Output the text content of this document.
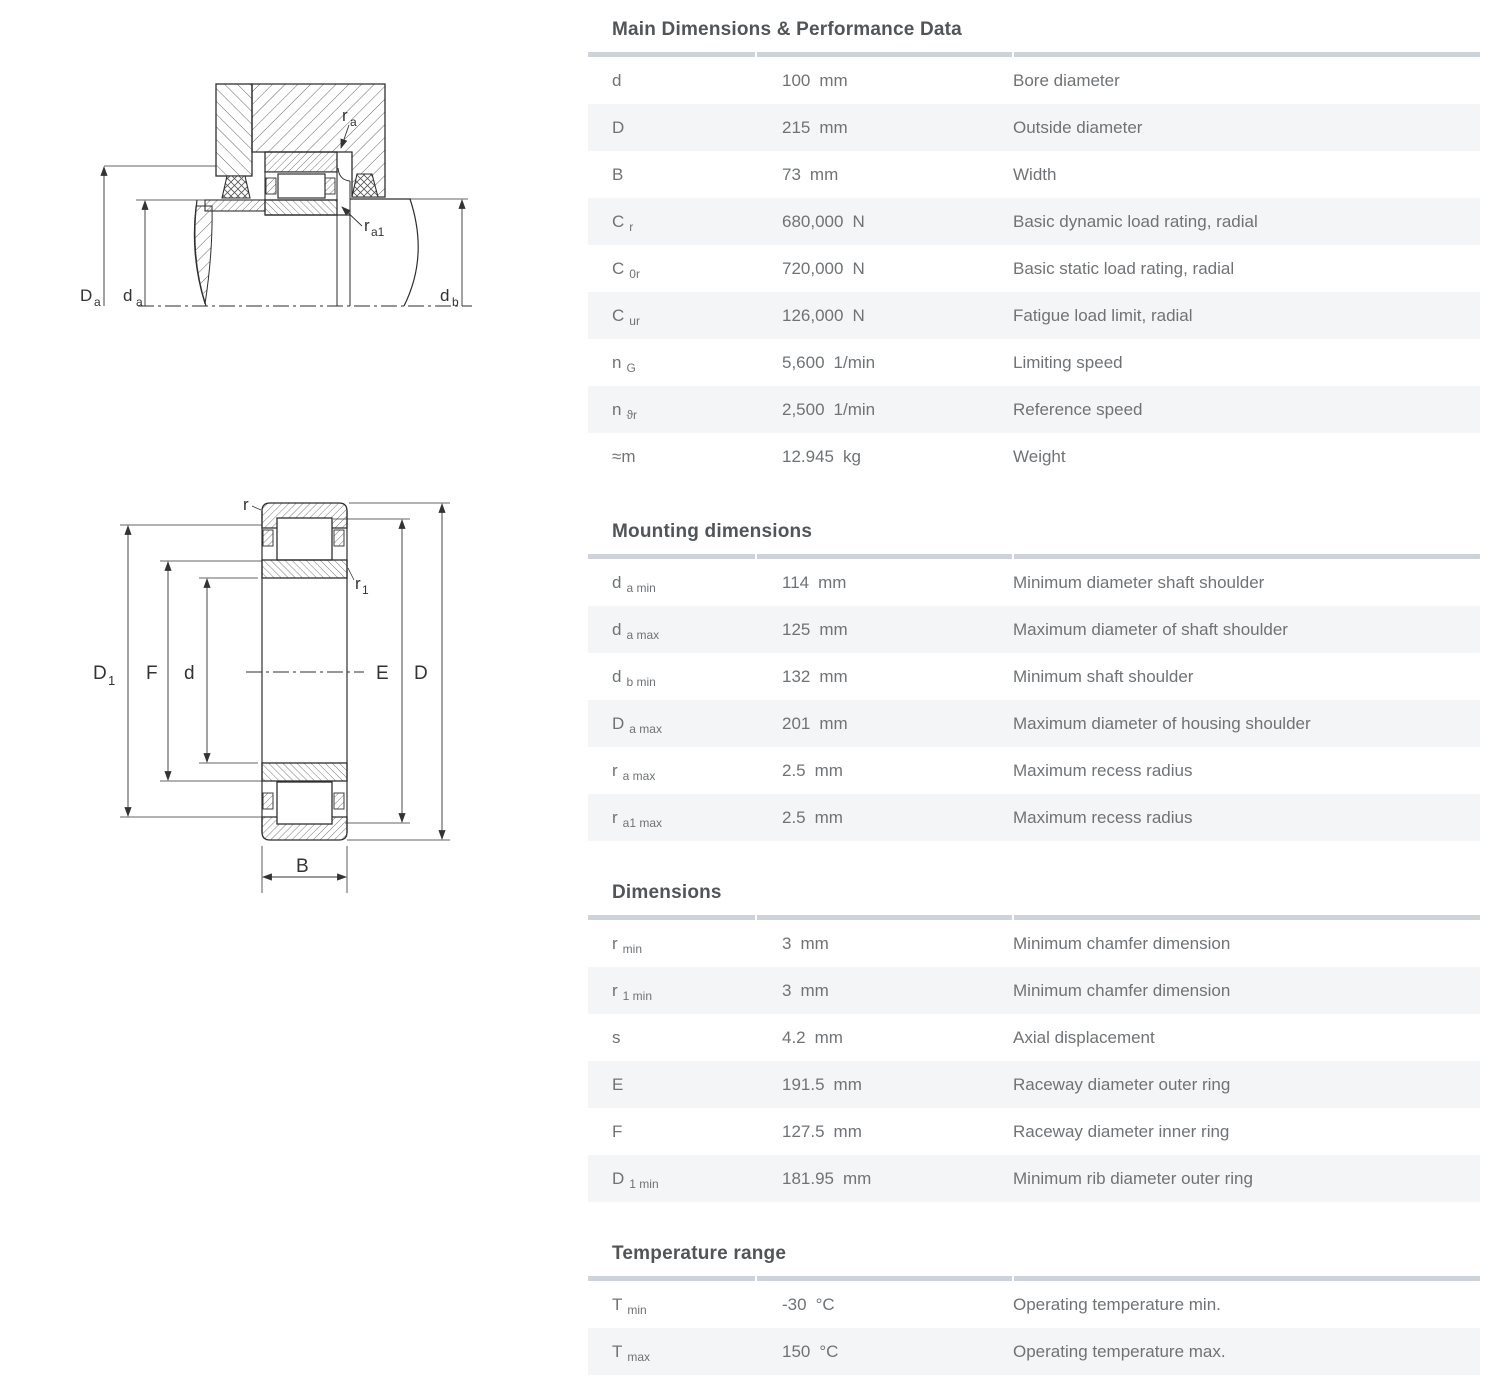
D a d a	d b
r a
r a1
D 1 F d	E D
B
r
r 1
Main Dimensions & Performance Data
d	100 mm	Bore diameter
D	215 mm	Outside diameter
B	73 mm	Width
C $_r$	680,000 N	Basic dynamic load rating, radial
C $_{0r}$	720,000 N	Basic static load rating, radial
C $_{ur}$	126,000 N	Fatigue load limit, radial
n $_G$	5,600 1/min	Limiting speed
n $_{ϑr}$	2,500 1/min	Reference speed
≈m	12.945 kg	Weight
Mounting dimensions
d $_{a min}$	114 mm	Minimum diameter shaft shoulder
d $_{a max}$	125 mm	Maximum diameter of shaft shoulder
d $_{b min}$	132 mm	Minimum shaft shoulder
D $_{a max}$	201 mm	Maximum diameter of housing shoulder
r $_{a max}$	2.5 mm	Maximum recess radius
r $_{a1 max}$	2.5 mm	Maximum recess radius
Dimensions
r $_{min}$	3 mm	Minimum chamfer dimension
r $_{1 min}$	3 mm	Minimum chamfer dimension
s	4.2 mm	Axial displacement
E	191.5 mm	Raceway diameter outer ring
F	127.5 mm	Raceway diameter inner ring
D $_{1 min}$	181.95 mm	Minimum rib diameter outer ring
Temperature range
T $_{min}$	-30 °C	Operating temperature min.
T $_{max}$	150 °C	Operating temperature max.
